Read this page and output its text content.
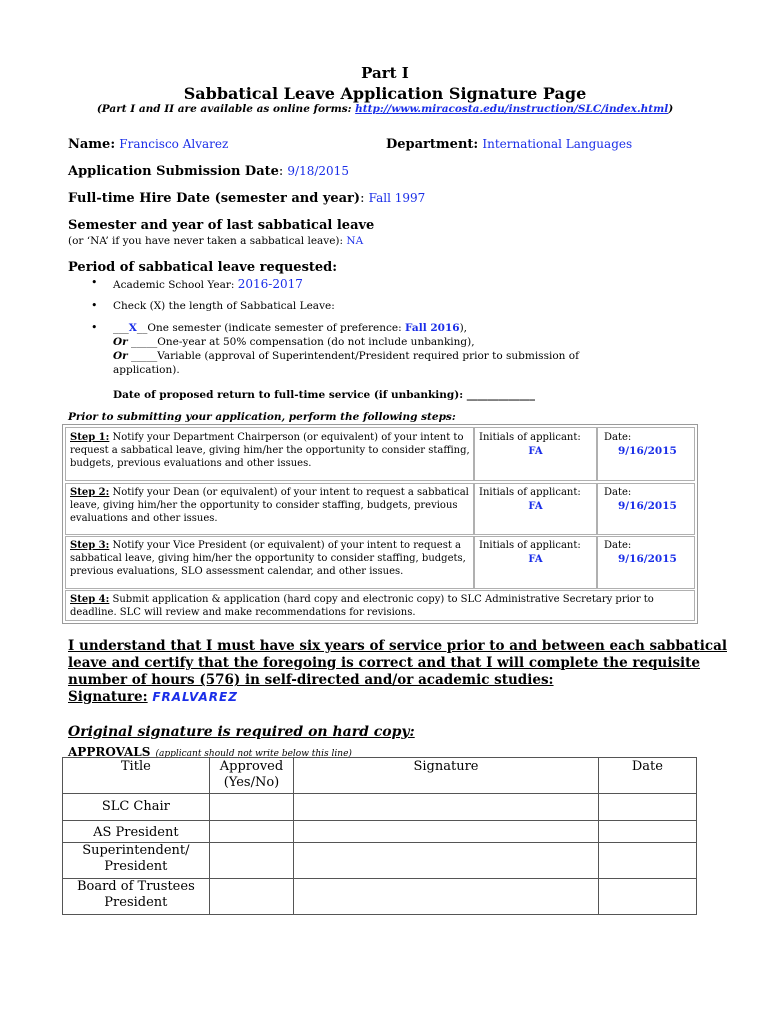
Part I
Sabbatical Leave Application Signature Page
(Part I and II are available as online forms: http://www.miracosta.edu/instruction/SLC/index.html)
Name: Francisco Alvarez	Department: International Languages
Application Submission Date: 9/18/2015
Full-time Hire Date (semester and year): Fall 1997
Semester and year of last sabbatical leave
(or ‘NA’ if you have never taken a sabbatical leave): NA
Period of sabbatical leave requested:
• Academic School Year: 2016-2017
• Check (X) the length of Sabbatical Leave:
• ___X__One semester (indicate semester of preference: Fall 2016),
Or _____One-year at 50% compensation (do not include unbanking),
Or _____Variable (approval of Superintendent/President required prior to submission of
application).
Date of proposed return to full-time service (if unbanking): _____________
Prior to submitting your application, perform the following steps:
Step 1: Notify your Department Chairperson (or equivalent) of your intent to request a sabbatical leave, giving him/her the opportunity to consider staffing, budgets, previous evaluations and other issues.
Initials of applicant:
FA
Date:
9/16/2015
Step 2: Notify your Dean (or equivalent) of your intent to request a sabbatical leave, giving him/her the opportunity to consider staffing, budgets, previous evaluations and other issues.
Initials of applicant:
FA
Date:
9/16/2015
Step 3: Notify your Vice President (or equivalent) of your intent to request a sabbatical leave, giving him/her the opportunity to consider staffing, budgets, previous evaluations, SLO assessment calendar, and other issues.
Initials of applicant:
FA
Date:
9/16/2015
Step 4: Submit application & application (hard copy and electronic copy) to SLC Administrative Secretary prior to deadline. SLC will review and make recommendations for revisions.
I understand that I must have six years of service prior to and between each sabbatical
leave and certify that the foregoing is correct and that I will complete the requisite
number of hours (576) in self-directed and/or academic studies:
Signature: FRALVAREZ
Original signature is required on hard copy:
APPROVALS (applicant should not write below this line)
Title	Approved (Yes/No)	Signature	Date
SLC Chair			
AS President			
Superintendent/ President			
Board of Trustees President			
